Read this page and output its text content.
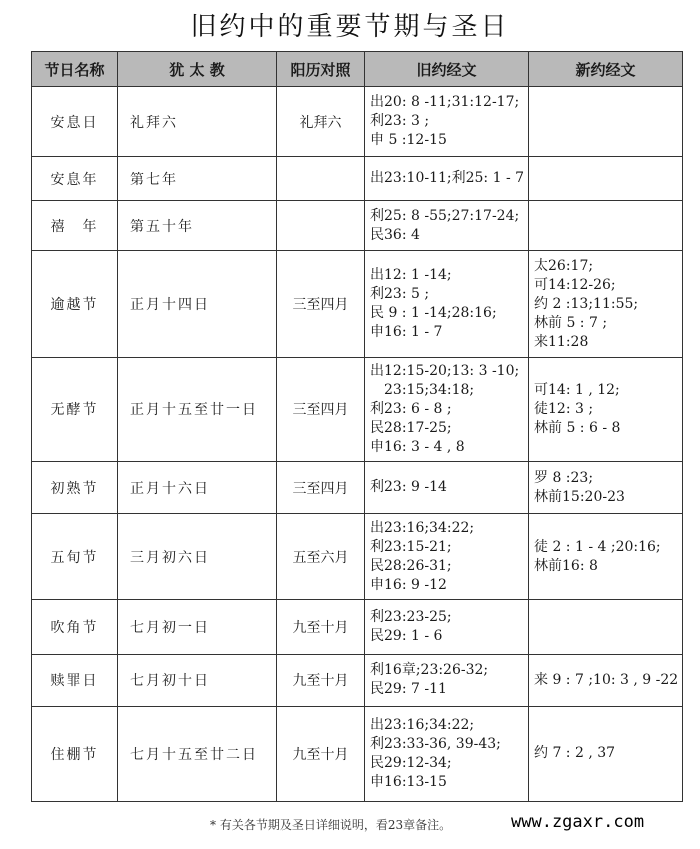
旧约中的重要节期与圣日
节日名称	犹 太 教	阳历对照	旧约经文	新约经文
安息日	礼拜六	礼拜六	出20: 8 -11;31:12-17;
利23: 3 ;
申 5 :12-15	

安息年	第七年		出23:10-11;利25: 1 - 7	

禧　年	第五十年		利25: 8 -55;27:17-24;
民36: 4	

逾越节	正月十四日	三至四月	出12: 1 -14;
利23: 5 ;
民 9 : 1 -14;28:16;
申16: 1 - 7	太26:17;
可14:12-26;
约 2 :13;11:55;
林前 5 : 7 ;
来11:28

无酵节	正月十五至廿一日	三至四月	出12:15-20;13: 3 -10;
　23:15;34:18;
利23: 6 - 8 ;
民28:17-25;
申16: 3 - 4 , 8	可14: 1 , 12;
徒12: 3 ;
林前 5 : 6 - 8

初熟节	正月十六日	三至四月	利23: 9 -14	罗 8 :23;
林前15:20-23

五旬节	三月初六日	五至六月	出23:16;34:22;
利23:15-21;
民28:26-31;
申16: 9 -12	徒 2 : 1 - 4 ;20:16;
林前16: 8

吹角节	七月初一日	九至十月	利23:23-25;
民29: 1 - 6	

赎罪日	七月初十日	九至十月	利16章;23:26-32;
民29: 7 -11	来 9 : 7 ;10: 3 , 9 -22

住棚节	七月十五至廿二日	九至十月	出23:16;34:22;
利23:33-36, 39-43;
民29:12-34;
申16:13-15	约 7 : 2 , 37
* 有关各节期及圣日详细说明，看23章备注。	www.zgaxr.com
